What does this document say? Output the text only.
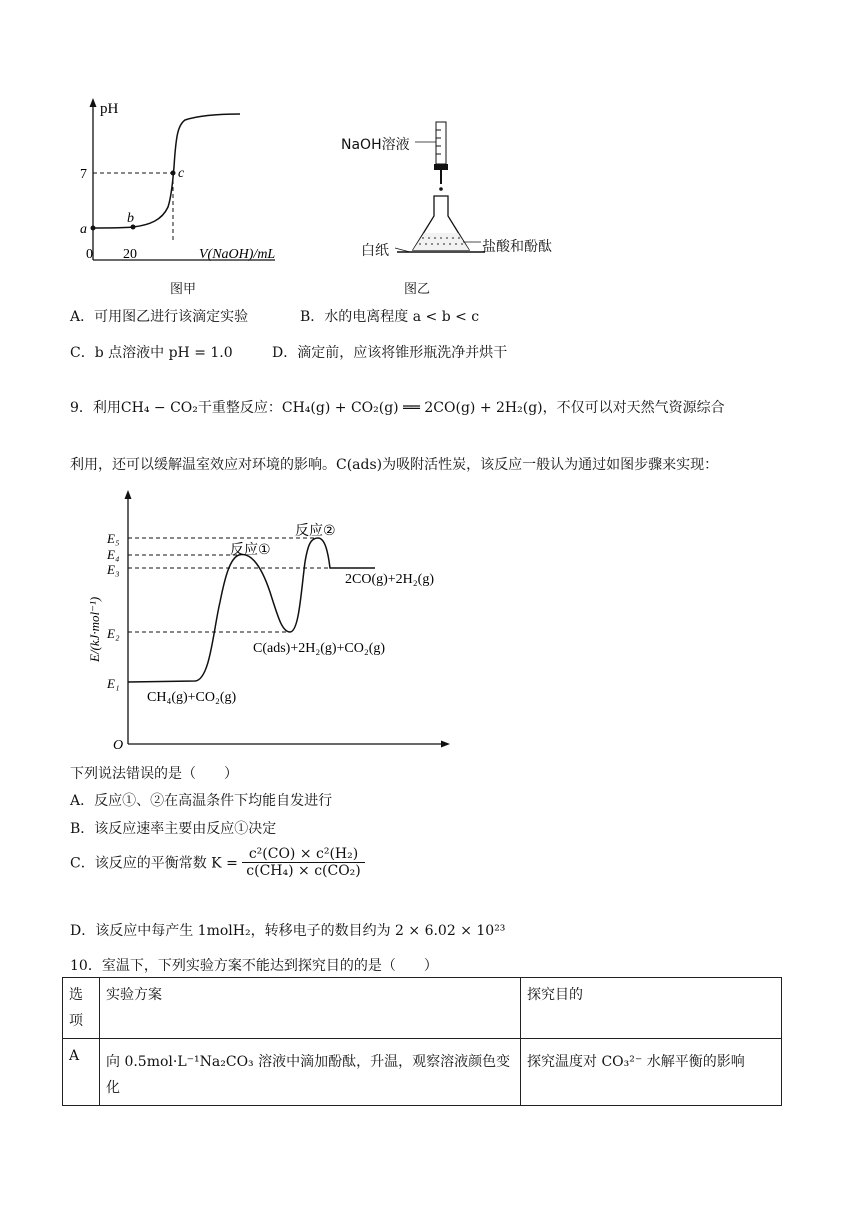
pH
V(NaOH)/mL
0 20
7
a
b
c
图甲
NaOH溶液
白纸	盐酸和酚酞
图乙
A．可用图乙进行该滴定实验	B．水的电离程度 a < b < c
C．b 点溶液中 pH = 1.0	D．滴定前，应该将锥形瓶洗净并烘干
9．利用CH₄ − CO₂干重整反应：CH₄(g) + CO₂(g) ══ 2CO(g) + 2H₂(g)，不仅可以对天然气资源综合
利用，还可以缓解温室效应对环境的影响。C(ads)为吸附活性炭，该反应一般认为通过如图步骤来实现：
E/(kJ·mol⁻¹)
O
E₁
E₂
E₃
E₄
E₅
CH₄(g)+CO₂(g)
C(ads)+2H₂(g)+CO₂(g)
2CO(g)+2H₂(g)
反应①
反应②
下列说法错误的是（　　）
A．反应①、②在高温条件下均能自发进行
B．该反应速率主要由反应①决定
C．该反应的平衡常数 $K = \frac{\text{c²(CO) × c²(H₂)}}{\text{c(CH₄) × c(CO₂)}}$
D．该反应中每产生 1molH₂，转移电子的数目约为 2 × 6.02 × 10²³
10．室温下，下列实验方案不能达到探究目的的是（　　）
选项	实验方案	探究目的
A	向 0.5mol·L⁻¹Na₂CO₃ 溶液中滴加酚酞，升温，观察溶液颜色变化	探究温度对 CO₃²⁻ 水解平衡的影响
